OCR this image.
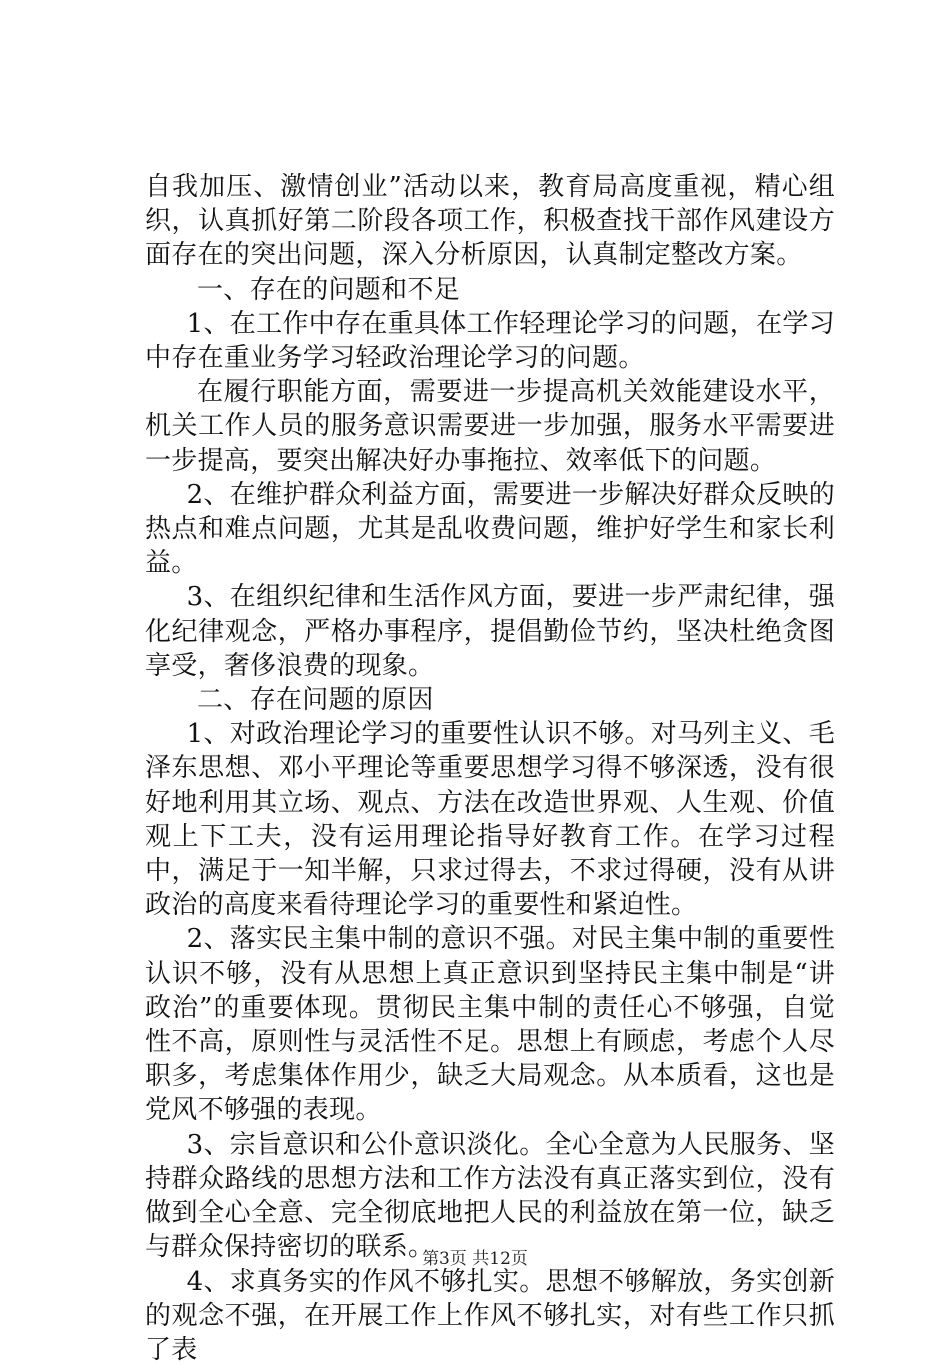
自我加压、激情创业”活动以来，教育局高度重视，精心组织，认真抓好第二阶段各项工作，积极查找干部作风建设方面存在的突出问题，深入分析原因，认真制定整改方案。

一、存在的问题和不足

1、在工作中存在重具体工作轻理论学习的问题，在学习中存在重业务学习轻政治理论学习的问题。

在履行职能方面，需要进一步提高机关效能建设水平，机关工作人员的服务意识需要进一步加强，服务水平需要进一步提高，要突出解决好办事拖拉、效率低下的问题。

2、在维护群众利益方面，需要进一步解决好群众反映的热点和难点问题，尤其是乱收费问题，维护好学生和家长利益。

3、在组织纪律和生活作风方面，要进一步严肃纪律，强化纪律观念，严格办事程序，提倡勤俭节约，坚决杜绝贪图享受，奢侈浪费的现象。

二、存在问题的原因

1、对政治理论学习的重要性认识不够。对马列主义、毛泽东思想、邓小平理论等重要思想学习得不够深透，没有很好地利用其立场、观点、方法在改造世界观、人生观、价值观上下工夫，没有运用理论指导好教育工作。在学习过程中，满足于一知半解，只求过得去，不求过得硬，没有从讲政治的高度来看待理论学习的重要性和紧迫性。

2、落实民主集中制的意识不强。对民主集中制的重要性认识不够，没有从思想上真正意识到坚持民主集中制是“讲政治”的重要体现。贯彻民主集中制的责任心不够强，自觉性不高，原则性与灵活性不足。思想上有顾虑，考虑个人尽职多，考虑集体作用少，缺乏大局观念。从本质看，这也是党风不够强的表现。

3、宗旨意识和公仆意识淡化。全心全意为人民服务、坚持群众路线的思想方法和工作方法没有真正落实到位，没有做到全心全意、完全彻底地把人民的利益放在第一位，缺乏与群众保持密切的联系。

4、求真务实的作风不够扎实。思想不够解放，务实创新的观念不强，在开展工作上作风不够扎实，对有些工作只抓了表

第3页 共12页
